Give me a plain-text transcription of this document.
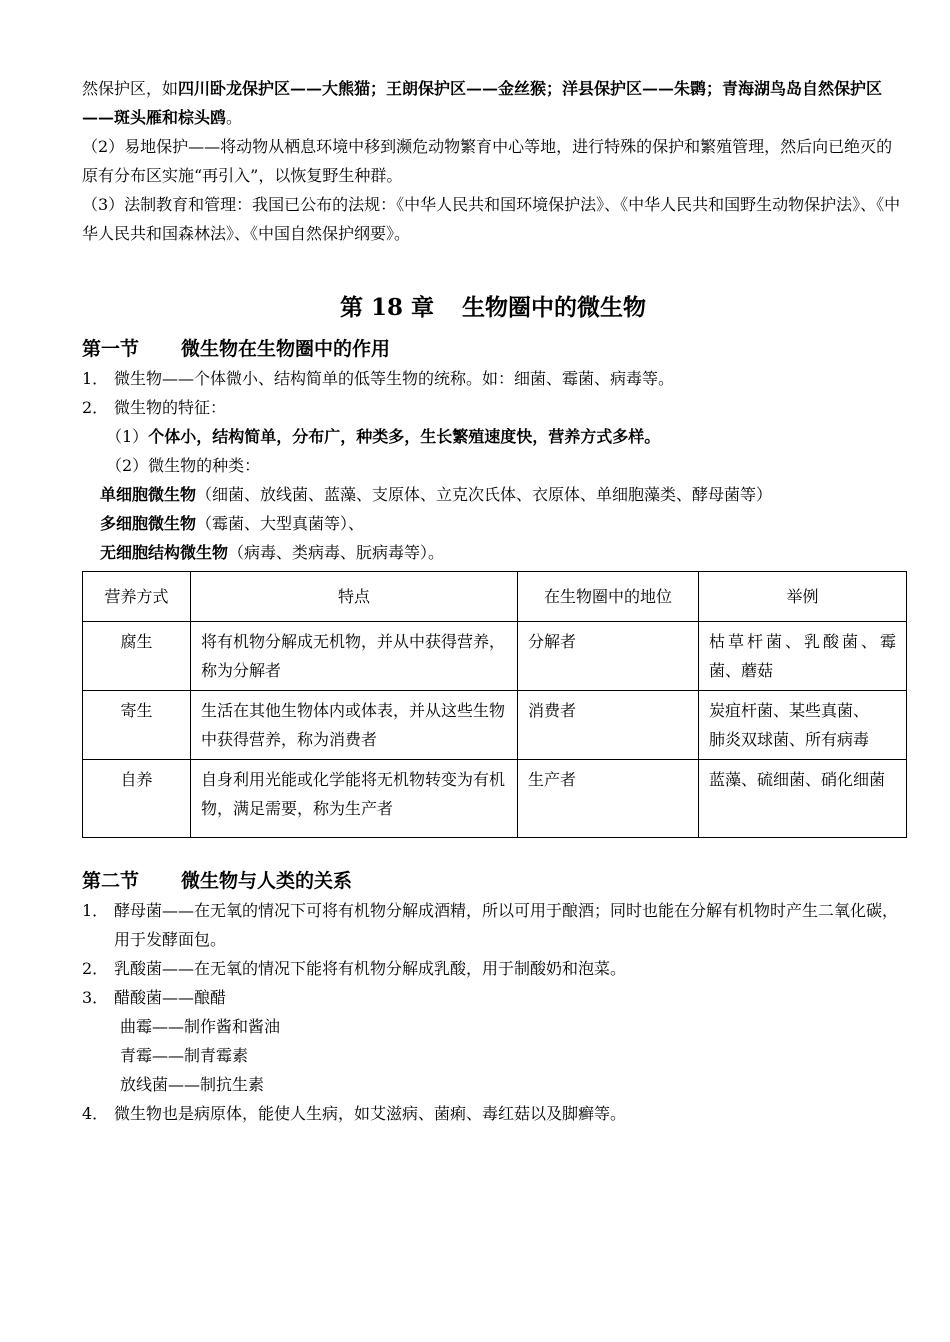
然保护区，如四川卧龙保护区——大熊猫；王朗保护区——金丝猴；洋县保护区——朱鹮；青海湖鸟岛自然保护区——斑头雁和棕头鸥。

（2）易地保护——将动物从栖息环境中移到濒危动物繁育中心等地，进行特殊的保护和繁殖管理，然后向已绝灭的原有分布区实施“再引入”，以恢复野生种群。

（3）法制教育和管理：我国已公布的法规：《中华人民共和国环境保护法》、《中华人民共和国野生动物保护法》、《中华人民共和国森林法》、《中国自然保护纲要》。

第 18 章 生物圈中的微生物

第一节 微生物在生物圈中的作用

1． 微生物——个体微小、结构简单的低等生物的统称。如：细菌、霉菌、病毒等。

2． 微生物的特征：

（1）个体小，结构简单，分布广，种类多，生长繁殖速度快，营养方式多样。

（2）微生物的种类：

单细胞微生物（细菌、放线菌、蓝藻、支原体、立克次氏体、衣原体、单细胞藻类、酵母菌等）

多细胞微生物（霉菌、大型真菌等）、

无细胞结构微生物（病毒、类病毒、朊病毒等）。

营养方式	特点	在生物圈中的地位	举例
腐生	将有机物分解成无机物，并从中获得营养，称为分解者	分解者	枯草杆菌、乳酸菌、霉菌、蘑菇
寄生	生活在其他生物体内或体表，并从这些生物中获得营养，称为消费者	消费者	炭疽杆菌、某些真菌、
肺炎双球菌、所有病毒

自养	自身利用光能或化学能将无机物转变为有机物，满足需要，称为生产者	生产者	蓝藻、硫细菌、硝化细菌

第二节 微生物与人类的关系

1． 酵母菌——在无氧的情况下可将有机物分解成酒精，所以可用于酿酒；同时也能在分解有机物时产生二氧化碳，用于发酵面包。

2． 乳酸菌——在无氧的情况下能将有机物分解成乳酸，用于制酸奶和泡菜。

3． 醋酸菌——酿醋

曲霉——制作酱和酱油

青霉——制青霉素

放线菌——制抗生素

4． 微生物也是病原体，能使人生病，如艾滋病、菌痢、毒红菇以及脚癣等。
